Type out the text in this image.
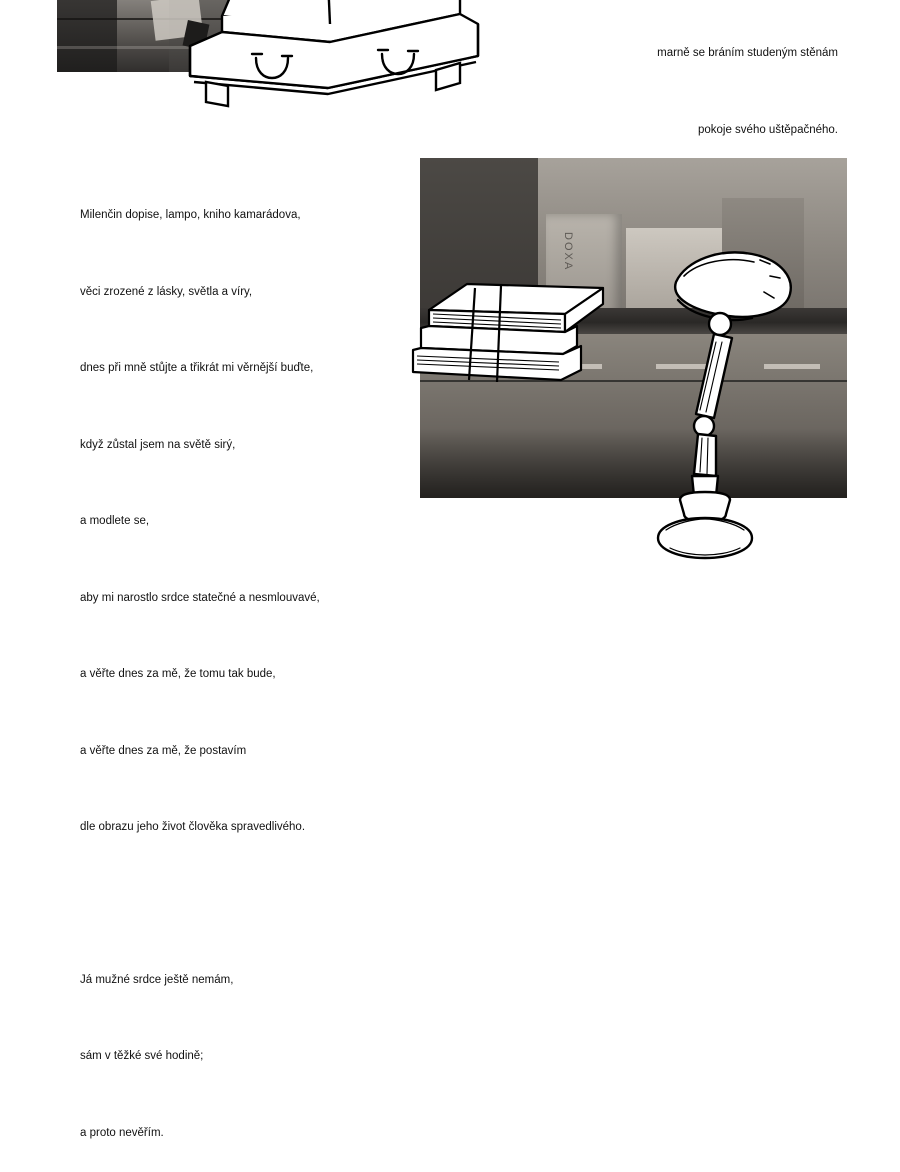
DOXA

marně se bráním studeným stěnám

pokoje svého uštěpačného.

Milenčin dopise, lampo, kniho kamarádova,

věci zrozené z lásky, světla a víry,

dnes při mně stůjte a třikrát mi věrnější buďte,

když zůstal jsem na světě sirý,

a modlete se,

aby mi narostlo srdce statečné a nesmlouvavé,

a věřte dnes za mě, že tomu tak bude,

a věřte dnes za mě, že postavím

dle obrazu jeho život člověka spravedlivého.

Já mužné srdce ještě nemám,

sám v těžké své hodině;

a proto nevěřím.
